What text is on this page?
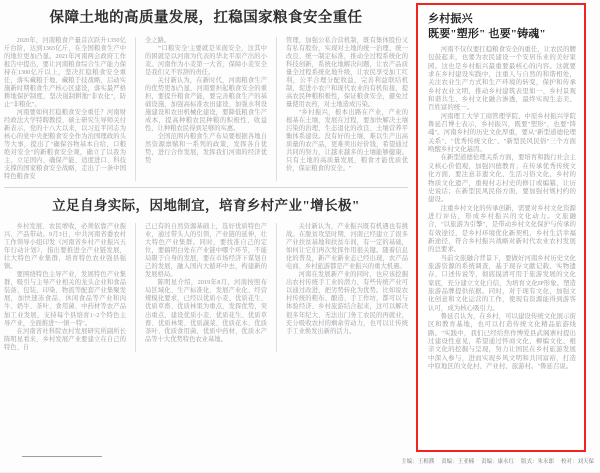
保障土地的高质量发展，扛稳国家粮食安全重任

2020年，河南粮食产量首次跃升1350亿斤台阶，达到1365亿斤，在全国粮食生产中的地位更加凸显。2021年河南两会政府工作报告中提出，要让河南粮食综合生产能力保持在1300亿斤以上，坚决扛稳粮食安全重任，落实藏粮于地、藏粮于技战略，启动实施新时期粮食生产核心区建设，落实最严格耕地保护制度，坚决遏制耕地"非农化"，防止"非粮化"。

河南要如何扛稳粮食安全重任？河南财经政法大学特聘教授、硕士研究生导师关付新表示，党的十八大以来，以习近平同志为核心的党中央把粮食安全作为治国理政的头等大事，提出了"确保谷物基本自给，口粮绝对安全"的新粮食安全观，确立了以我为主、立足国内、确保产能、适度进口、科技支撑的国家粮食安全战略，走出了一条中国特色粮食安

全之路。

"'口粮安全'主要就是米面安全，这其中的困就是以河南为代表的华北平原产出的小麦。河南作为小麦第一大省，保障小麦安全是我们义不容辞的责任。

关付新认为，在新时代，河南粮食生产的优势更加凸显，河南要担起粮食安全的重担，要提升粮食产能，要完善粮食生产的基础设施，加强高标准农田建设、加强水利设施建设和农田机械化建设，要降低粮食生产成本，提高种粮农民种粮的积极性、收益性，让种粮农民得到足够的实惠。

全国范围内粮食生产布局要根据各地自然资源禀赋和一系列的政策，发挥各自优势，进行合作发展，发挥我们河南的经济优势

管理，加强公私合营机制，既有集体股份又有私有股份，实现对土地的统一治理、统一改良、统一制定标准，推动全过程系统化的科技创新，系统化地解决问题，让农产品质量全过程系统化地升级，让农民享受加工红利，公平合理分配收益，完善利益联结机制，促进小农户和现代农业的有机衔接，提高农民种粮积极性，保证粮食安全，避免过量使用农药，对土地造成污染。

"乡村振兴，根本出路在产业，产业的根基在土壤，发展在过程，要加快解决土壤污染的治理、生态退化的改良、土壤营养平衡体系建设。没有好的土壤，难以生产出高质量的农产品，更难卖出好价钱，希望通过共同的努力，让越来越多的土壤能够健康。只有土地的高质量发展，粮食才能优质优价，保证粮食的安全。"

立足自身实际，因地制宜，培育乡村产业"增长极"

乡村发展、农民增收，必须依靠产业振兴、产品带动。9月3日，中共河南省委农村工作领导小组印发《河南省乡村产业振兴五年行动计划》，指出要推进全产业链发展，壮大特色产业集群，培育特色农业强县强镇。

要围绕特色主导产业，发展特色产业集群，吸引与主导产业相关的龙头企业和食品装备、包装、印染、物流等配套产业集聚发展，加快速冻食品、休闲食品等产业和肉牛、奶牛、茶叶、食用菌、中药材等农产品加工业发展，支持每个县培育1~2个特色主导产业，全面推进"一镇一特"。

在河南省社科院农村发展研究所副所长陈明星看来，乡村发展产业要建立在自己的特色、自

己已有的自然资源基础上，选好优质特色产业，通过带头人的引领，产业链的延伸，壮大特色产业集群。同时，要找准自己的定位，要搞明白处在产业链中哪个环节，不能局限于自身的发展，要在市场经济下谋划自己的发展，融入国内大循环中去，构建新的发展格局。

陈明星介绍，2019年8月，河南按照布局区域化、生产标准化、发展产业化、经营规模化要求，已经以优质小麦、优质花生、优质草畜、优质林果为重点，发挥优势，突出重点，建设优质小麦、优质花生、优质草畜、优质林果、优质蔬菜、优质花木、优质茶叶、优质食用菌、优质中药材、优质水产品等十大优势特色农业基地。

关付新认为，产业振兴既有机遇也有挑战。在脱贫攻坚时期，河南已经建立了很多产业扶贫基地和扶贫车间，有一定的基础，如何让它们再次发挥作用很关键。随着信息化的普及，新产业新业态已经出现，农产品电商、乡村旅游都是产业振兴的重大机遇。

河南在发展新产业的同时，也应该挖掘出农村传统手工业的潜力，有些传统产业可以通过改进，把劣势转化为优势。比如说农村传统的粗布、酿造、手工作坊，都可以与体验经济、乡村旅游结合起来，这可以解决很多年纪大、无法出门务工农民的再就业，充分吸收农村的剩余劳动力，也可以让传统手工业焕发出新的活力。

乡村振兴
既要"塑形" 也要"铸魂"

河南不仅仅要扛稳粮食安全的重任，让农民的腰包鼓起来，也要为农民建设一个安居乐业的美好家园。这也是乡村振兴最重要最核心的内容。这就要求在乡村建设实践中，注重人与自然的和谐相处，关注农业生产方式和生产环境的转变，保护和传承乡村农业文明，推动乡村建筑表里如一、乡村景观和谐共生、乡村文化融合渗透，最终实现生态美、百姓富的统一。

河南理工大学工商管理学院、中原乡村振兴学院鲁延召博士表示，乡村振兴，既要"塑形"，也要"铸魂"。河南乡村的历史文化厚重，要从"新型道德伦理关系"、"优秀传统文化"、"新型民风民俗"三个方面唤醒乡村文化基因。

在新型道德伦理关系方面，要培育和践行社会主义核心价值观，加强四德教育；在传承优秀传统文化方面，要注意非遗文化、生活习俗文化、乡村的物质文化遗产，重视村志村史的修订或编纂，让历史说话；在新型民风民俗方面，要加强村规村约的建设。

注重乡村文化的传承创新，需要对乡村文化资源进行评估，形成乡村振兴的文化动力。文旅融合，"以旅游为引擎"，是带动乡村文化保护与传承的有效途径，是乡村环境优化新契机、乡村生活幸福新途径，符合乡村振兴战略对新时代农业农村发展的总要求。

当前文旅融合背景下，要做好河南乡村历史文化旅游资源的系统调查，基于现存文献记载、实物遗存、口述传说等，彻底摸清可用于旅游发展的文化家底，充分建立文化自信，为培育文化IP形象、塑造旅游品牌提供依据。同时，对于现有文化，加强文化创意和文化运营的工作，使现有资源能得到游客认可，成为核心吸引力。

鲁延召认为，在乡村，可以建设传统文化展示街区和教育基地，也可以打造传统文化精品旅游线路。"实践中，我们已经给焦作博爱县武阁寨村提出过建设性意见，希望通过怀商文化、柳编文化、根亲文化的挖掘与呈现，努力让国民在乡村旅游发展中深入参与，进而实现乡风文明和共同富裕，打造中原地区的文化村、产业村、旅游村。"鲁延召说。

主编：王相濮 责编：王亚楠 责编：康永红 版式：朱永郎 校对：刘天保
